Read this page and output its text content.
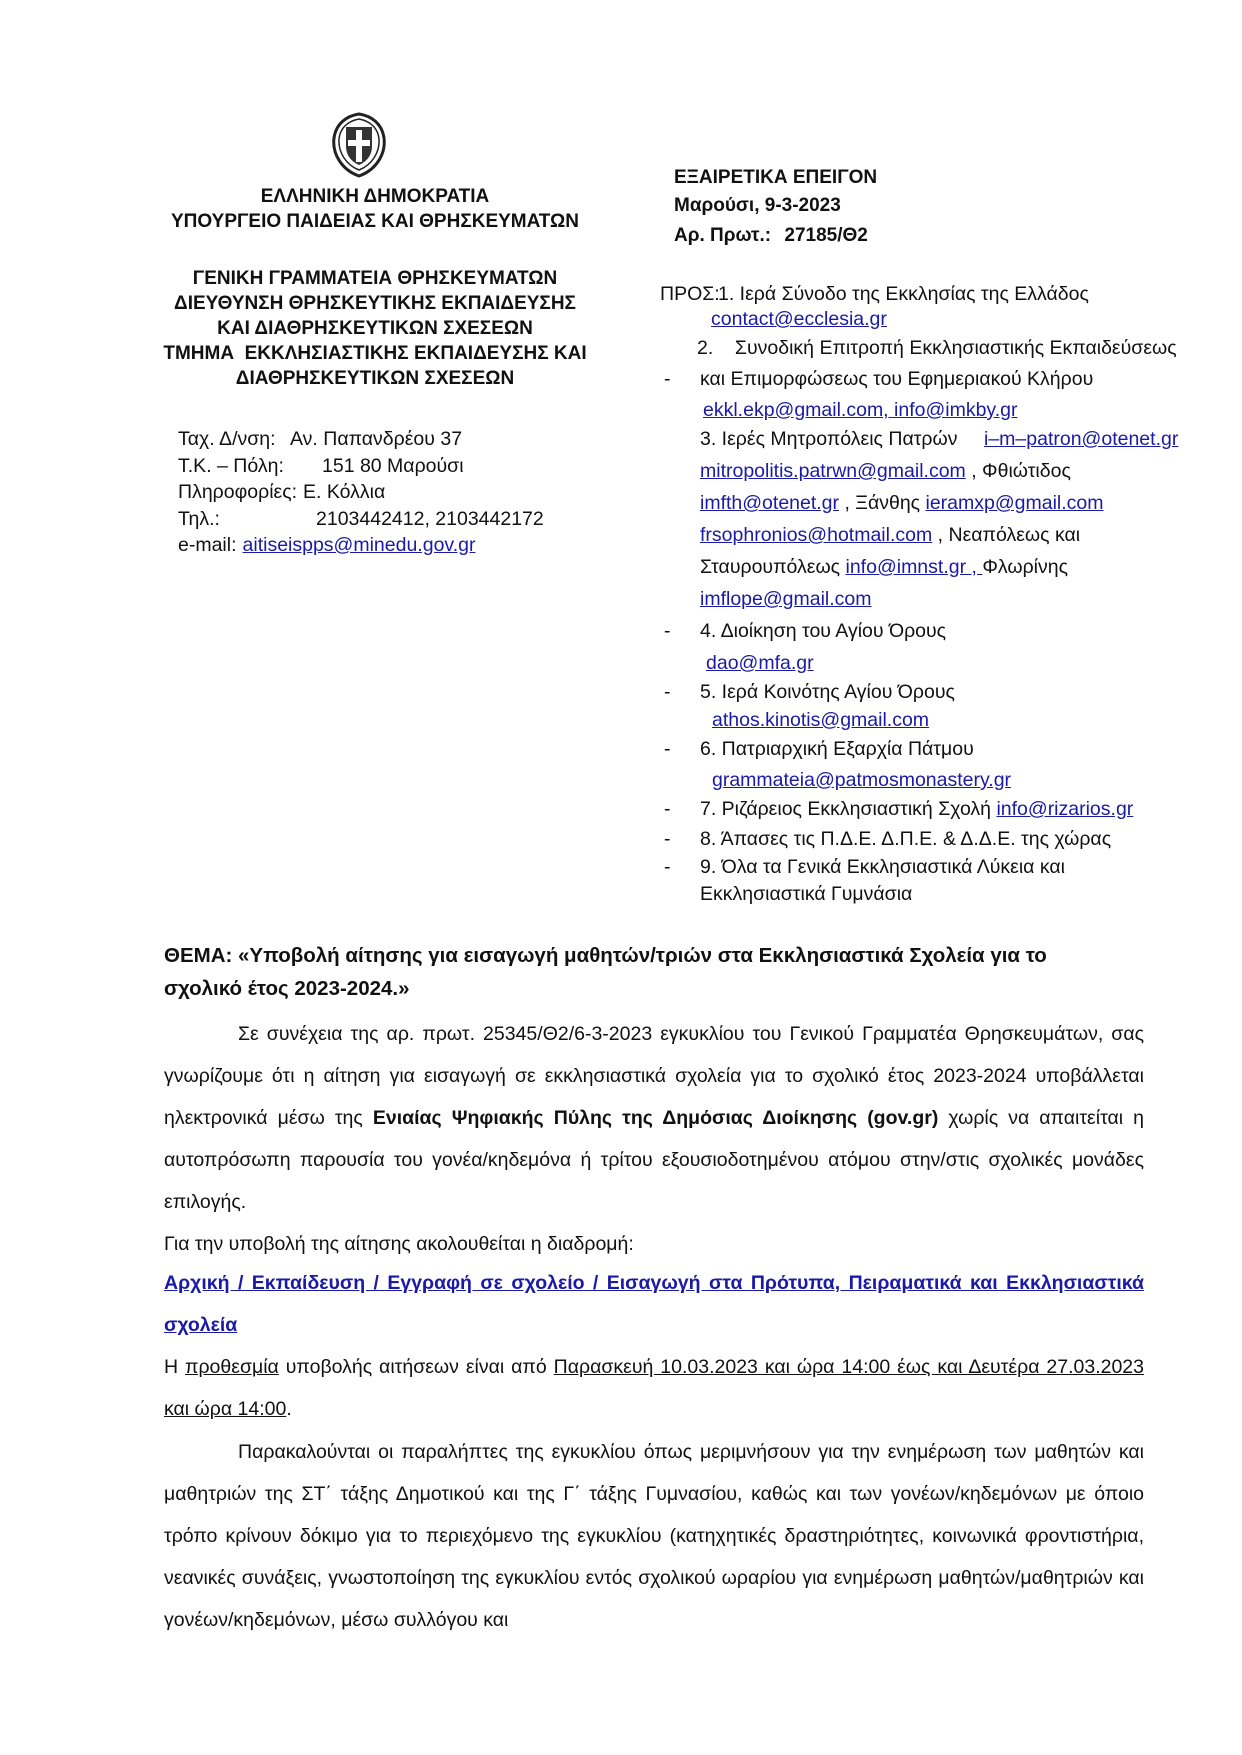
ΕΛΛΗΝΙΚΗ ΔΗΜΟΚΡΑΤΙΑ
ΥΠΟΥΡΓΕΙΟ ΠΑΙΔΕΙΑΣ ΚΑΙ ΘΡΗΣΚΕΥΜΑΤΩΝ
ΓΕΝΙΚΗ ΓΡΑΜΜΑΤΕΙΑ ΘΡΗΣΚΕΥΜΑΤΩΝ
ΔΙΕΥΘΥΝΣΗ ΘΡΗΣΚΕΥΤΙΚΗΣ ΕΚΠΑΙΔΕΥΣΗΣ
ΚΑΙ ΔΙΑΘΡΗΣΚΕΥΤΙΚΩΝ ΣΧΕΣΕΩΝ
ΤΜΗΜΑ  ΕΚΚΛΗΣΙΑΣΤΙΚΗΣ ΕΚΠΑΙΔΕΥΣΗΣ ΚΑΙ
ΔΙΑΘΡΗΣΚΕΥΤΙΚΩΝ ΣΧΕΣΕΩΝ
Ταχ. Δ/νση: Αν. Παπανδρέου 37
Τ.Κ. – Πόλη:	151 80 Μαρούσι
Πληροφορίες: Ε. Κόλλια
Τηλ.:	2103442412, 2103442172
e-mail: aitiseispps@minedu.gov.gr
ΕΞΑΙΡΕΤΙΚΑ ΕΠΕΙΓΟΝ
Μαρούσι, 9-3-2023
Αρ. Πρωτ.: 27185/Θ2
ΠΡΟΣ:
1. Ιερά Σύνοδο της Εκκλησίας της Ελλάδος
contact@ecclesia.gr
2.    Συνοδική Επιτροπή Εκκλησιαστικής Εκπαιδεύσεως
- και Επιμορφώσεως του Εφημεριακού Κλήρου
ekkl.ekp@gmail.com, info@imkby.gr
3. Ιερές Μητροπόλεις Πατρών i–m–patron@otenet.gr
mitropolitis.patrwn@gmail.com , Φθιώτιδος
imfth@otenet.gr , Ξάνθης ieramxp@gmail.com
frsophronios@hotmail.com , Νεαπόλεως και
Σταυρουπόλεως info@imnst.gr , Φλωρίνης
imflope@gmail.com
- 4. Διοίκηση του Αγίου Όρους
dao@mfa.gr
- 5. Ιερά Κοινότης Αγίου Όρους
athos.kinotis@gmail.com
- 6. Πατριαρχική Εξαρχία Πάτμου
grammateia@patmosmonastery.gr
- 7. Ριζάρειος Εκκλησιαστική Σχολή info@rizarios.gr
- 8. Άπασες τις Π.Δ.Ε. Δ.Π.Ε. & Δ.Δ.Ε. της χώρας
- 9. Όλα τα Γενικά Εκκλησιαστικά Λύκεια και
Εκκλησιαστικά Γυμνάσια
ΘΕΜΑ: «Υποβολή αίτησης για εισαγωγή μαθητών/τριών στα Εκκλησιαστικά Σχολεία για το
σχολικό έτος 2023-2024.»
Σε συνέχεια της αρ. πρωτ. 25345/Θ2/6-3-2023 εγκυκλίου του Γενικού Γραμματέα Θρησκευμάτων, σας γνωρίζουμε ότι η αίτηση για εισαγωγή σε εκκλησιαστικά σχολεία για το σχολικό έτος 2023-2024 υποβάλλεται ηλεκτρονικά μέσω της Ενιαίας Ψηφιακής Πύλης της Δημόσιας Διοίκησης (gov.gr) χωρίς να απαιτείται η αυτοπρόσωπη παρουσία του γονέα/κηδεμόνα ή τρίτου εξουσιοδοτημένου ατόμου στην/στις σχολικές μονάδες επιλογής.
Για την υποβολή της αίτησης ακολουθείται η διαδρομή:
Αρχική / Εκπαίδευση / Εγγραφή σε σχολείο / Εισαγωγή στα Πρότυπα, Πειραματικά και Εκκλησιαστικά σχολεία
Η προθεσμία υποβολής αιτήσεων είναι από Παρασκευή 10.03.2023 και ώρα 14:00 έως και Δευτέρα 27.03.2023 και ώρα 14:00.
Παρακαλούνται οι παραλήπτες της εγκυκλίου όπως μεριμνήσουν για την ενημέρωση των μαθητών και μαθητριών της ΣΤ΄ τάξης Δημοτικού και της Γ΄ τάξης Γυμνασίου, καθώς και των γονέων/κηδεμόνων με όποιο τρόπο κρίνουν δόκιμο για το περιεχόμενο της εγκυκλίου (κατηχητικές δραστηριότητες, κοινωνικά φροντιστήρια, νεανικές συνάξεις, γνωστοποίηση της εγκυκλίου εντός σχολικού ωραρίου για ενημέρωση μαθητών/μαθητριών και γονέων/κηδεμόνων, μέσω συλλόγου και
